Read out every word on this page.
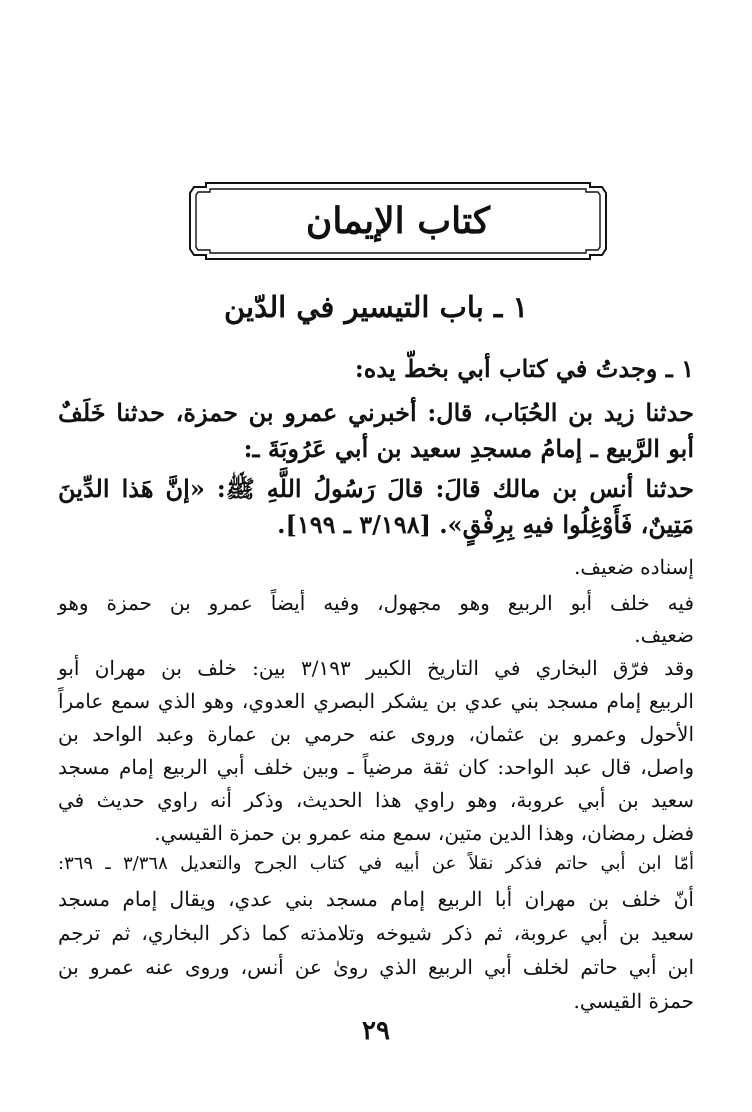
كتاب الإيمان
١ ـ باب التيسير في الدّين
١ ـ وجدتُ في كتاب أبي بخطّ يده:
حدثنا زيد بن الحُبَاب، قال: أخبرني عمرو بن حمزة، حدثنا خَلَفٌ
أبو الرَّبيع ـ إمامُ مسجدِ سعيد بن أبي عَرُوبَةَ ـ:
حدثنا أنس بن مالك قالَ: قالَ رَسُولُ اللَّهِ ﷺ: «إنَّ هَذا الدِّينَ
مَتِينٌ، فَأَوْغِلُوا فيهِ بِرِفْقٍ». [٣/١٩٨ ـ ١٩٩].
إسناده ضعيف.
فيه خلف أبو الربيع وهو مجهول، وفيه أيضاً عمرو بن حمزة وهو
ضعيف.
وقد فرّق البخاري في التاريخ الكبير ٣/١٩٣ بين: خلف بن مهران أبو
الربيع إمام مسجد بني عدي بن يشكر البصري العدوي، وهو الذي سمع عامراً
الأحول وعمرو بن عثمان، وروى عنه حرمي بن عمارة وعبد الواحد بن
واصل، قال عبد الواحد: كان ثقة مرضياً ـ وبين خلف أبي الربيع إمام مسجد
سعيد بن أبي عروبة، وهو راوي هذا الحديث، وذكر أنه راوي حديث في
فضل رمضان، وهذا الدين متين، سمع منه عمرو بن حمزة القيسي.
أمّا ابن أبي حاتم فذكر نقلاً عن أبيه في كتاب الجرح والتعديل ٣/٣٦٨ ـ ٣٦٩:
أنّ خلف بن مهران أبا الربيع إمام مسجد بني عدي، ويقال إمام مسجد
سعيد بن أبي عروبة، ثم ذكر شيوخه وتلامذته كما ذكر البخاري، ثم ترجم
ابن أبي حاتم لخلف أبي الربيع الذي روىٰ عن أنس، وروى عنه عمرو بن
حمزة القيسي.
٢٩
